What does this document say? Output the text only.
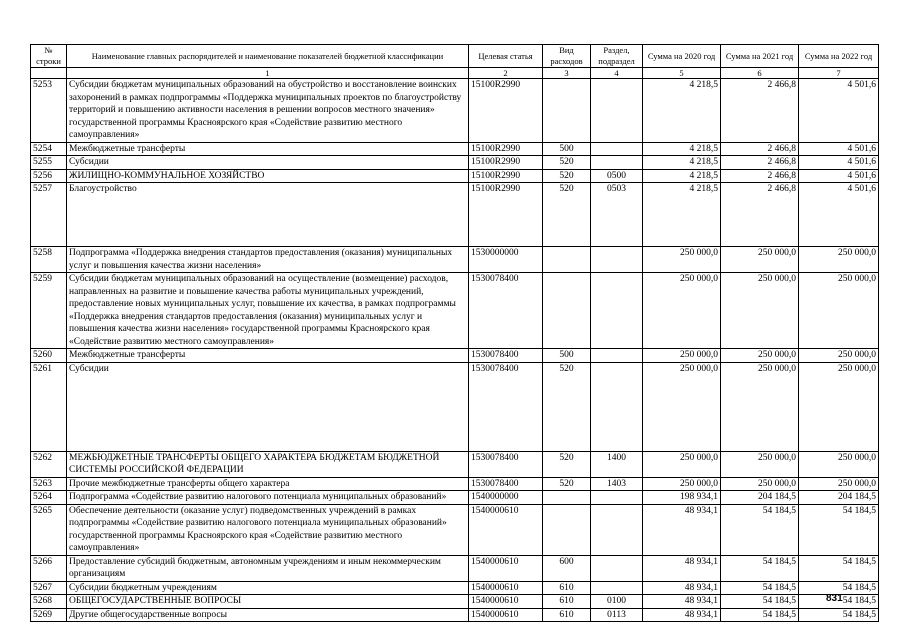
№ строки	Наименование главных распорядителей и наименование показателей бюджетной классификации	Целевая статья	Вид расходов	Раздел, подраздел	Сумма на 2020 год	Сумма на 2021 год	Сумма на 2022 год
	1	2	3	4	5	6	7
5253	Субсидии бюджетам муниципальных образований на обустройство и восстановление воинских захоронений в рамках подпрограммы «Поддержка муниципальных проектов по благоустройству территорий и повышению активности населения в решении вопросов местного значения» государственной программы Красноярского края «Содействие развитию местного самоуправления»	15100R2990			4 218,5	2 466,8	4 501,6
5254	Межбюджетные трансферты	15100R2990	500		4 218,5	2 466,8	4 501,6
5255	Субсидии	15100R2990	520		4 218,5	2 466,8	4 501,6
5256	ЖИЛИЩНО-КОММУНАЛЬНОЕ ХОЗЯЙСТВО	15100R2990	520	0500	4 218,5	2 466,8	4 501,6
5257	Благоустройство	15100R2990	520	0503	4 218,5	2 466,8	4 501,6
5258	Подпрограмма «Поддержка внедрения стандартов предоставления (оказания) муниципальных услуг и повышения качества жизни населения»	1530000000			250 000,0	250 000,0	250 000,0
5259	Субсидии бюджетам муниципальных образований на осуществление (возмещение) расходов, направленных на развитие и повышение качества работы муниципальных учреждений, предоставление новых муниципальных услуг, повышение их качества, в рамках подпрограммы «Поддержка внедрения стандартов предоставления (оказания) муниципальных услуг и повышения качества жизни населения» государственной программы Красноярского края «Содействие развитию местного самоуправления»	1530078400			250 000,0	250 000,0	250 000,0
5260	Межбюджетные трансферты	1530078400	500		250 000,0	250 000,0	250 000,0
5261	Субсидии	1530078400	520		250 000,0	250 000,0	250 000,0
5262	МЕЖБЮДЖЕТНЫЕ ТРАНСФЕРТЫ ОБЩЕГО ХАРАКТЕРА БЮДЖЕТАМ БЮДЖЕТНОЙ СИСТЕМЫ РОССИЙСКОЙ ФЕДЕРАЦИИ	1530078400	520	1400	250 000,0	250 000,0	250 000,0
5263	Прочие межбюджетные трансферты общего характера	1530078400	520	1403	250 000,0	250 000,0	250 000,0
5264	Подпрограмма «Содействие развитию налогового потенциала муниципальных образований»	1540000000			198 934,1	204 184,5	204 184,5
5265	Обеспечение деятельности (оказание услуг) подведомственных учреждений в рамках подпрограммы «Содействие развитию налогового потенциала муниципальных образований» государственной программы Красноярского края «Содействие развитию местного самоуправления»	1540000610			48 934,1	54 184,5	54 184,5
5266	Предоставление субсидий бюджетным, автономным учреждениям и иным некоммерческим организациям	1540000610	600		48 934,1	54 184,5	54 184,5
5267	Субсидии бюджетным учреждениям	1540000610	610		48 934,1	54 184,5	54 184,5
5268	ОБЩЕГОСУДАРСТВЕННЫЕ ВОПРОСЫ	1540000610	610	0100	48 934,1	54 184,5	54 184,5
5269	Другие общегосударственные вопросы	1540000610	610	0113	48 934,1	54 184,5	54 184,5
831
